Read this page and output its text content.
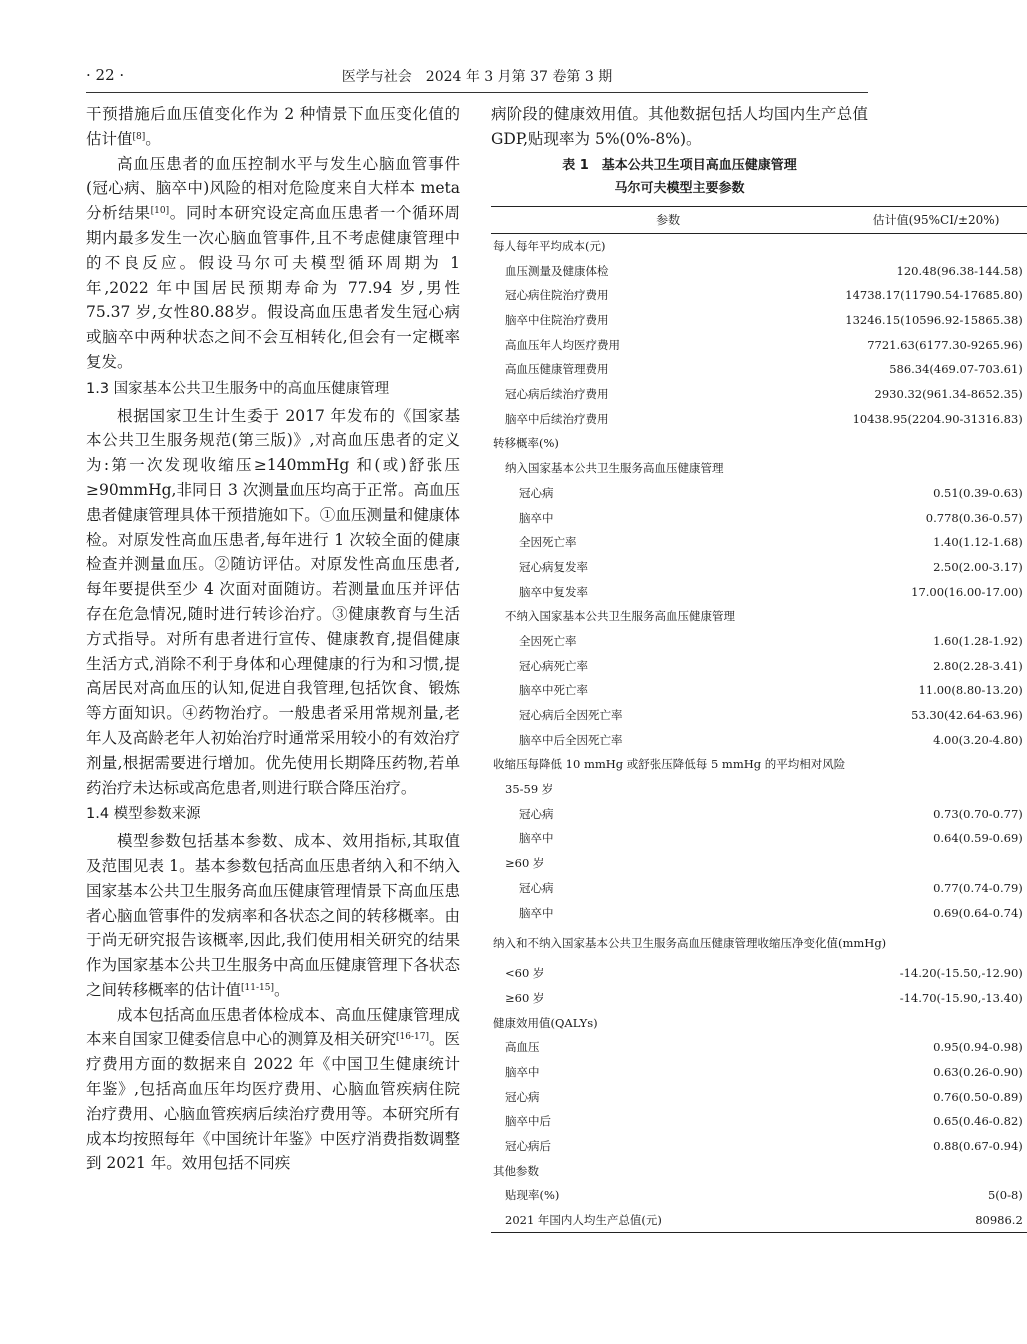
· 22 ·	医学与社会　2024 年 3 月第 37 卷第 3 期

干预措施后血压值变化作为 2 种情景下血压变化值的估计值[8]。

高血压患者的血压控制水平与发生心脑血管事件(冠心病、脑卒中)风险的相对危险度来自大样本 meta 分析结果[10]。同时本研究设定高血压患者一个循环周期内最多发生一次心脑血管事件,且不考虑健康管理中的不良反应。假设马尔可夫模型循环周期为 1 年,2022 年中国居民预期寿命为 77.94 岁,男性 75.37 岁,女性80.88岁。假设高血压患者发生冠心病或脑卒中两种状态之间不会互相转化,但会有一定概率复发。

1.3 国家基本公共卫生服务中的高血压健康管理

根据国家卫生计生委于 2017 年发布的《国家基本公共卫生服务规范(第三版)》,对高血压患者的定义为:第一次发现收缩压≥140mmHg 和(或)舒张压≥90mmHg,非同日 3 次测量血压均高于正常。高血压患者健康管理具体干预措施如下。①血压测量和健康体检。对原发性高血压患者,每年进行 1 次较全面的健康检查并测量血压。②随访评估。对原发性高血压患者,每年要提供至少 4 次面对面随访。若测量血压并评估存在危急情况,随时进行转诊治疗。③健康教育与生活方式指导。对所有患者进行宣传、健康教育,提倡健康生活方式,消除不利于身体和心理健康的行为和习惯,提高居民对高血压的认知,促进自我管理,包括饮食、锻炼等方面知识。④药物治疗。一般患者采用常规剂量,老年人及高龄老年人初始治疗时通常采用较小的有效治疗剂量,根据需要进行增加。优先使用长期降压药物,若单药治疗未达标或高危患者,则进行联合降压治疗。

1.4 模型参数来源

模型参数包括基本参数、成本、效用指标,其取值及范围见表 1。基本参数包括高血压患者纳入和不纳入国家基本公共卫生服务高血压健康管理情景下高血压患者心脑血管事件的发病率和各状态之间的转移概率。由于尚无研究报告该概率,因此,我们使用相关研究的结果作为国家基本公共卫生服务中高血压健康管理下各状态之间转移概率的估计值[11-15]。

成本包括高血压患者体检成本、高血压健康管理成本来自国家卫健委信息中心的测算及相关研究[16-17]。医疗费用方面的数据来自 2022 年《中国卫生健康统计年鉴》,包括高血压年均医疗费用、心脑血管疾病住院治疗费用、心脑血管疾病后续治疗费用等。本研究所有成本均按照每年《中国统计年鉴》中医疗消费指数调整到 2021 年。效用包括不同疾

病阶段的健康效用值。其他数据包括人均国内生产总值 GDP,贴现率为 5%(0%-8%)。

表 1　基本公共卫生项目高血压健康管理
马尔可夫模型主要参数
参数	估计值(95%CI/±20%)
每人每年平均成本(元)	
血压测量及健康体检	120.48(96.38-144.58)
冠心病住院治疗费用	14738.17(11790.54-17685.80)
脑卒中住院治疗费用	13246.15(10596.92-15865.38)
高血压年人均医疗费用	7721.63(6177.30-9265.96)
高血压健康管理费用	586.34(469.07-703.61)
冠心病后续治疗费用	2930.32(961.34-8652.35)
脑卒中后续治疗费用	10438.95(2204.90-31316.83)
转移概率(%)	
纳入国家基本公共卫生服务高血压健康管理	
冠心病	0.51(0.39-0.63)
脑卒中	0.778(0.36-0.57)
全因死亡率	1.40(1.12-1.68)
冠心病复发率	2.50(2.00-3.17)
脑卒中复发率	17.00(16.00-17.00)
不纳入国家基本公共卫生服务高血压健康管理	
全因死亡率	1.60(1.28-1.92)
冠心病死亡率	2.80(2.28-3.41)
脑卒中死亡率	11.00(8.80-13.20)
冠心病后全因死亡率	53.30(42.64-63.96)
脑卒中后全因死亡率	4.00(3.20-4.80)
收缩压每降低 10 mmHg 或舒张压降低每 5 mmHg 的平均相对风险	
35-59 岁	
冠心病	0.73(0.70-0.77)
脑卒中	0.64(0.59-0.69)
≥60 岁	
冠心病	0.77(0.74-0.79)
脑卒中	0.69(0.64-0.74)
纳入和不纳入国家基本公共卫生服务高血压健康管理收缩压净变化值(mmHg)	
<60 岁	-14.20(-15.50,-12.90)
≥60 岁	-14.70(-15.90,-13.40)
健康效用值(QALYs)	
高血压	0.95(0.94-0.98)
脑卒中	0.63(0.26-0.90)
冠心病	0.76(0.50-0.89)
脑卒中后	0.65(0.46-0.82)
冠心病后	0.88(0.67-0.94)
其他参数	
贴现率(%)	5(0-8)
2021 年国内人均生产总值(元)	80986.2
